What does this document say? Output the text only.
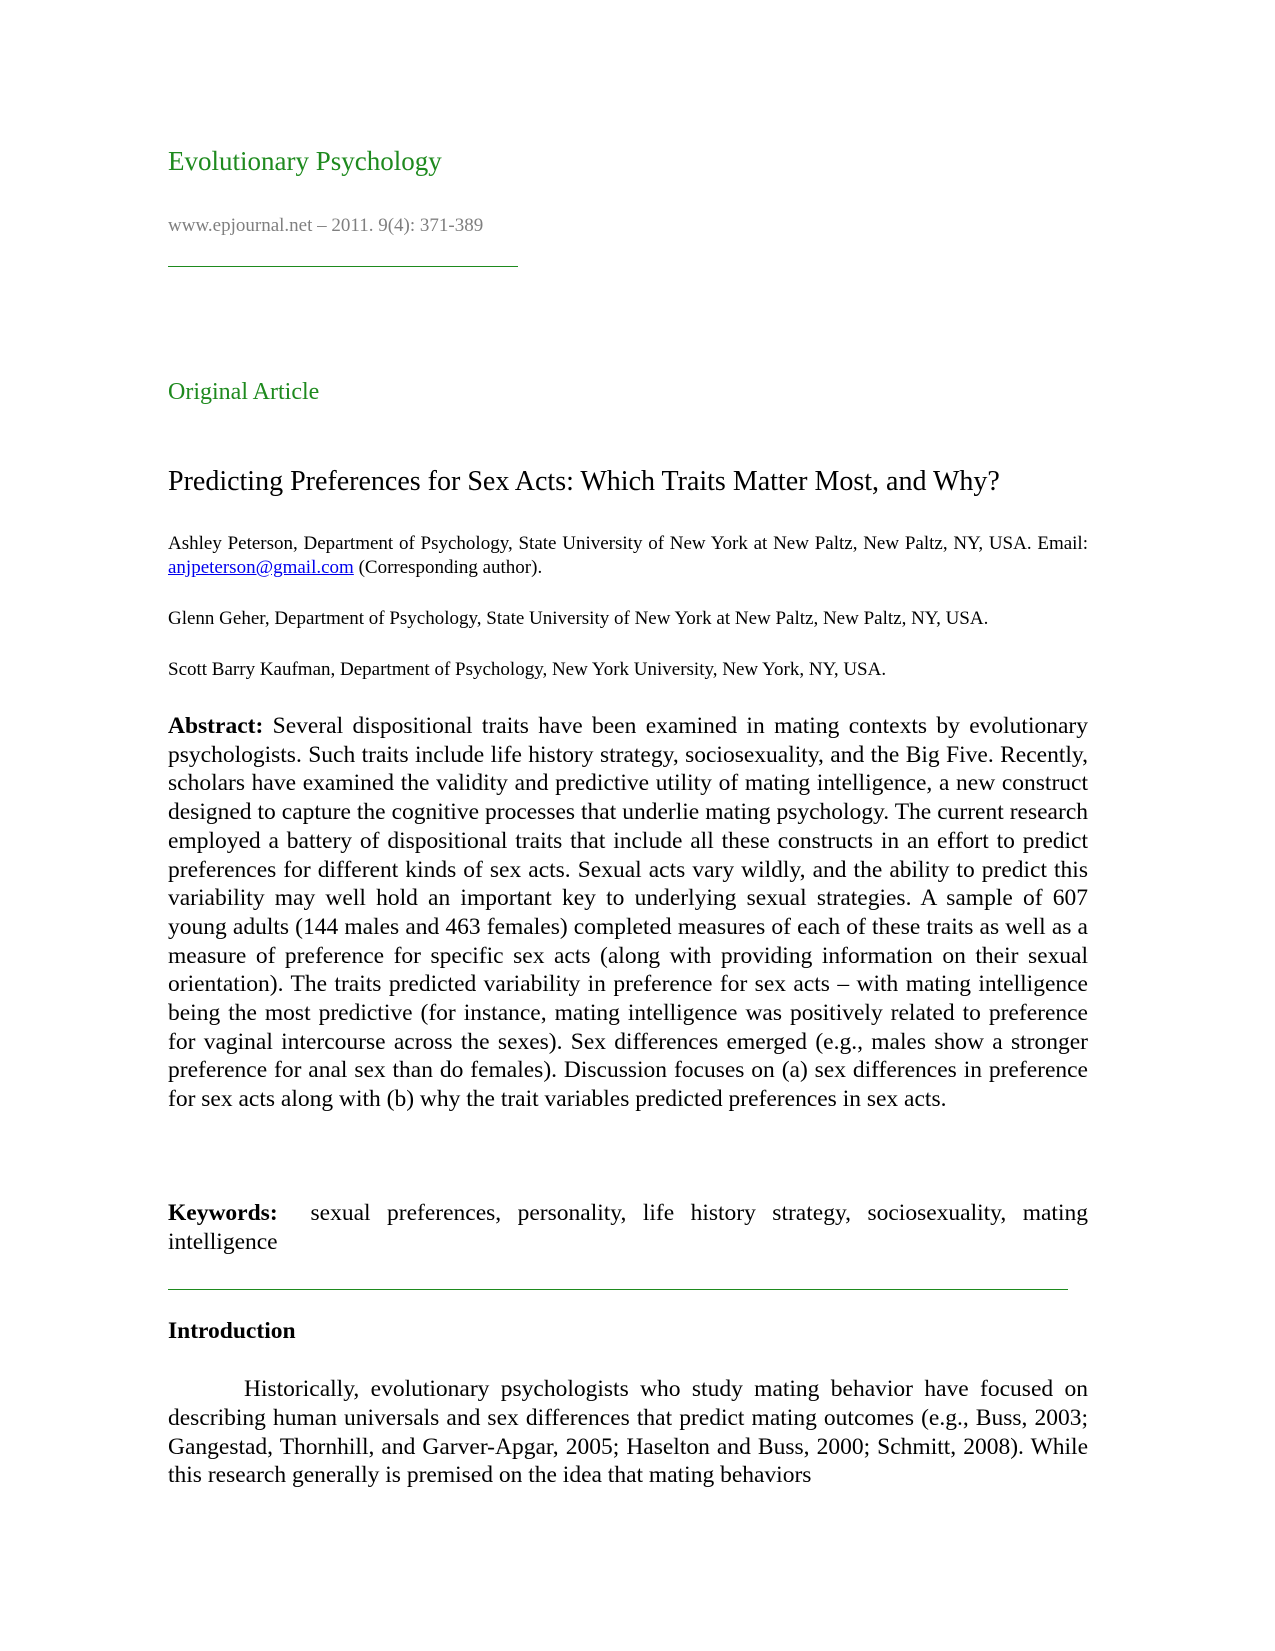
Evolutionary Psychology
www.epjournal.net – 2011. 9(4): 371-389
Original Article
Predicting Preferences for Sex Acts: Which Traits Matter Most, and Why?

Ashley Peterson, Department of Psychology, State University of New York at New Paltz, New Paltz, NY, USA. Email: anjpeterson@gmail.com (Corresponding author).

Glenn Geher, Department of Psychology, State University of New York at New Paltz, New Paltz, NY, USA.

Scott Barry Kaufman, Department of Psychology, New York University, New York, NY, USA.

Abstract: Several dispositional traits have been examined in mating contexts by evolutionary psychologists. Such traits include life history strategy, sociosexuality, and the Big Five. Recently, scholars have examined the validity and predictive utility of mating intelligence, a new construct designed to capture the cognitive processes that underlie mating psychology. The current research employed a battery of dispositional traits that include all these constructs in an effort to predict preferences for different kinds of sex acts. Sexual acts vary wildly, and the ability to predict this variability may well hold an important key to underlying sexual strategies. A sample of 607 young adults (144 males and 463 females) completed measures of each of these traits as well as a measure of preference for specific sex acts (along with providing information on their sexual orientation). The traits predicted variability in preference for sex acts – with mating intelligence being the most predictive (for instance, mating intelligence was positively related to preference for vaginal intercourse across the sexes). Sex differences emerged (e.g., males show a stronger preference for anal sex than do females). Discussion focuses on (a) sex differences in preference for sex acts along with (b) why the trait variables predicted preferences in sex acts.

Keywords:  sexual preferences, personality, life history strategy, sociosexuality, mating intelligence

Introduction

Historically, evolutionary psychologists who study mating behavior have focused on describing human universals and sex differences that predict mating outcomes (e.g., Buss, 2003; Gangestad, Thornhill, and Garver-Apgar, 2005; Haselton and Buss, 2000; Schmitt, 2008). While this research generally is premised on the idea that mating behaviors
